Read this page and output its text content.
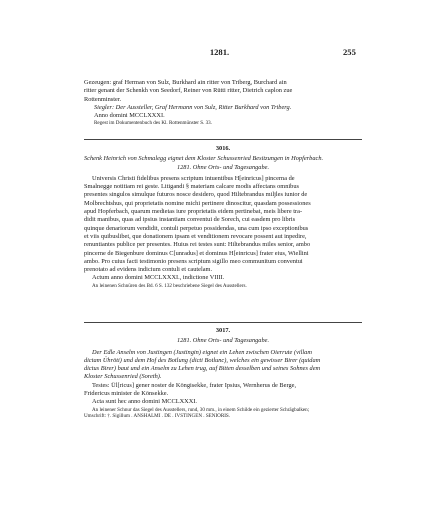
1281.	255

Gezeugen: graf Herman von Sulz, Burkhard ain ritter von Triberg, Burchard ain

ritter genant der Schenkh von Seedorf, Reiner von Rütti ritter, Dietrich caplon zue

Rottenminster.

Siegler: Der Aussteller, Graf Hermann von Sulz, Ritter Burkhard von Triberg.

Anno domini MCCLXXXI.

Regest im Dokumentenbuch des Kl. Rottenmünster S. 33.

3016.

Schenk Heinrich von Schmalegg eignet dem Kloster Schussenried Besitzungen in Hopferbach.

1281. Ohne Orts- und Tagesangabe.

Universis Christi fidelibus presens scriptum intuentibus H[einricus] pincerna de

Smalnegge notitiam rei geste. Litigandi § materiam calcare modis affectans omnibus

presentes singulos simulque futuros nosce desidero, quod Hiltebrandus miljles iunior de

Molbrechtshus, qui proprietatis nomine michi pertinere dinoscitur, quasdam possessiones

apud Hopferbach, quarum medietas iure proprietatis eidem pertinebat, meis libere tra-

didit manibus, quas ad ipsius instantiam conventui de Sorech, cui easdem pro libris

quinque denariorum vendidit, contuli perpetuo possidendas, una cum ipso exceptionibus

et viis quibuslibet, que donationem ipsam et venditionem revocare possent aut inpedire,

renuntiantes publice per presentes. Huius rei testes sunt: Hiltebrandus miles senior, ambo

pincerne de Biegenbure dominus C[unradus] et dominus H[einricus] frater eius, Wiellini

ambo. Pro cuius facti testimonio presens scriptum sigillo meo communitum conventui

prenotato ad evidens indicium contuli et cautelam.

Actum anno domini MCCLXXXI., indictione VIIII.

An leinenen Schnüren des Bd. 6 S. 132 beschriebene Siegel des Ausstellers.

3017.

1281. Ohne Orts- und Tagesangabe.

Der Edle Anselm von Justingen (Justingin) eignet ein Lehen zwischen Oierrute (villam

dictam Ühröti) und dem Hof des Botlung (dicti Botlunc), welches ein gewisser Birer (quidam

dictus Birer) baut und ein Anselm zu Lehen trug, auf Bitten desselben und seines Sohnes dem

Kloster Schussenried (Soreth).

Testes: Ül[ricus] gener noster de Kōngisekke, frater Ipsius, Wernherus de Berge,

Fridericus minister de Kōnsekke.

Acta sunt hec anno domini MCCLXXXI.

An leinener Schnur das Siegel des Ausstellers, rund, 30 mm., in einem Schilde ein gezierter Schrägbalken;

Umschrift: †. Sigillum . ANSHALMI . DE . IVSTINGEN . SENIORIS.
